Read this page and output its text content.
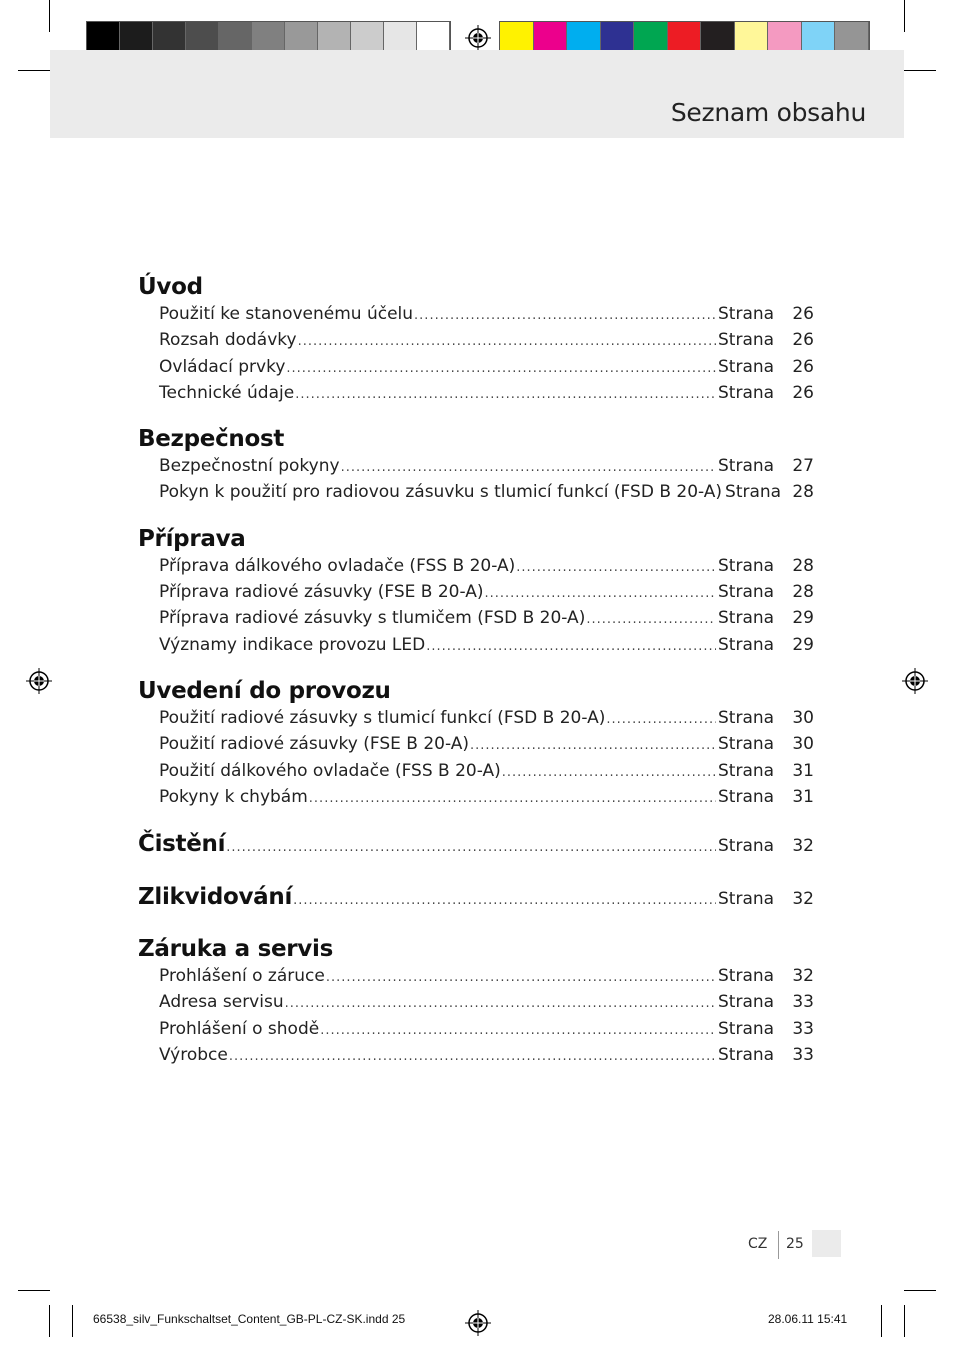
Seznam obsahu
Úvod
Použití ke stanovenému účelu .....	Strana	26
Rozsah dodávky .....	Strana	26
Ovládací prvky .....	Strana	26
Technické údaje .....	Strana	26
Bezpečnost
Bezpečnostní pokyny .....	Strana	27
Pokyn k použití pro radiovou zásuvku s tlumicí funkcí (FSD B 20-A) Strana 28
Příprava
Příprava dálkového ovladače (FSS B 20-A) .....	Strana	28
Příprava radiové zásuvky (FSE B 20-A) .....	Strana	28
Příprava radiové zásuvky s tlumičem (FSD B 20-A) .....	Strana	29
Významy indikace provozu LED .....	Strana	29
Uvedení do provozu
Použití radiové zásuvky s tlumicí funkcí (FSD B 20-A) .....	Strana	30
Použití radiové zásuvky (FSE B 20-A) .....	Strana	30
Použití dálkového ovladače (FSS B 20-A) .....	Strana	31
Pokyny k chybám .....	Strana	31
Čistění .....	Strana	32
Zlikvidování .....	Strana	32
Záruka a servis
Prohlášení o záruce .....	Strana	32
Adresa servisu .....	Strana	33
Prohlášení o shodě .....	Strana	33
Výrobce .....	Strana	33
CZ 25
66538_silv_Funkschaltset_Content_GB-PL-CZ-SK.indd 25	28.06.11 15:41
